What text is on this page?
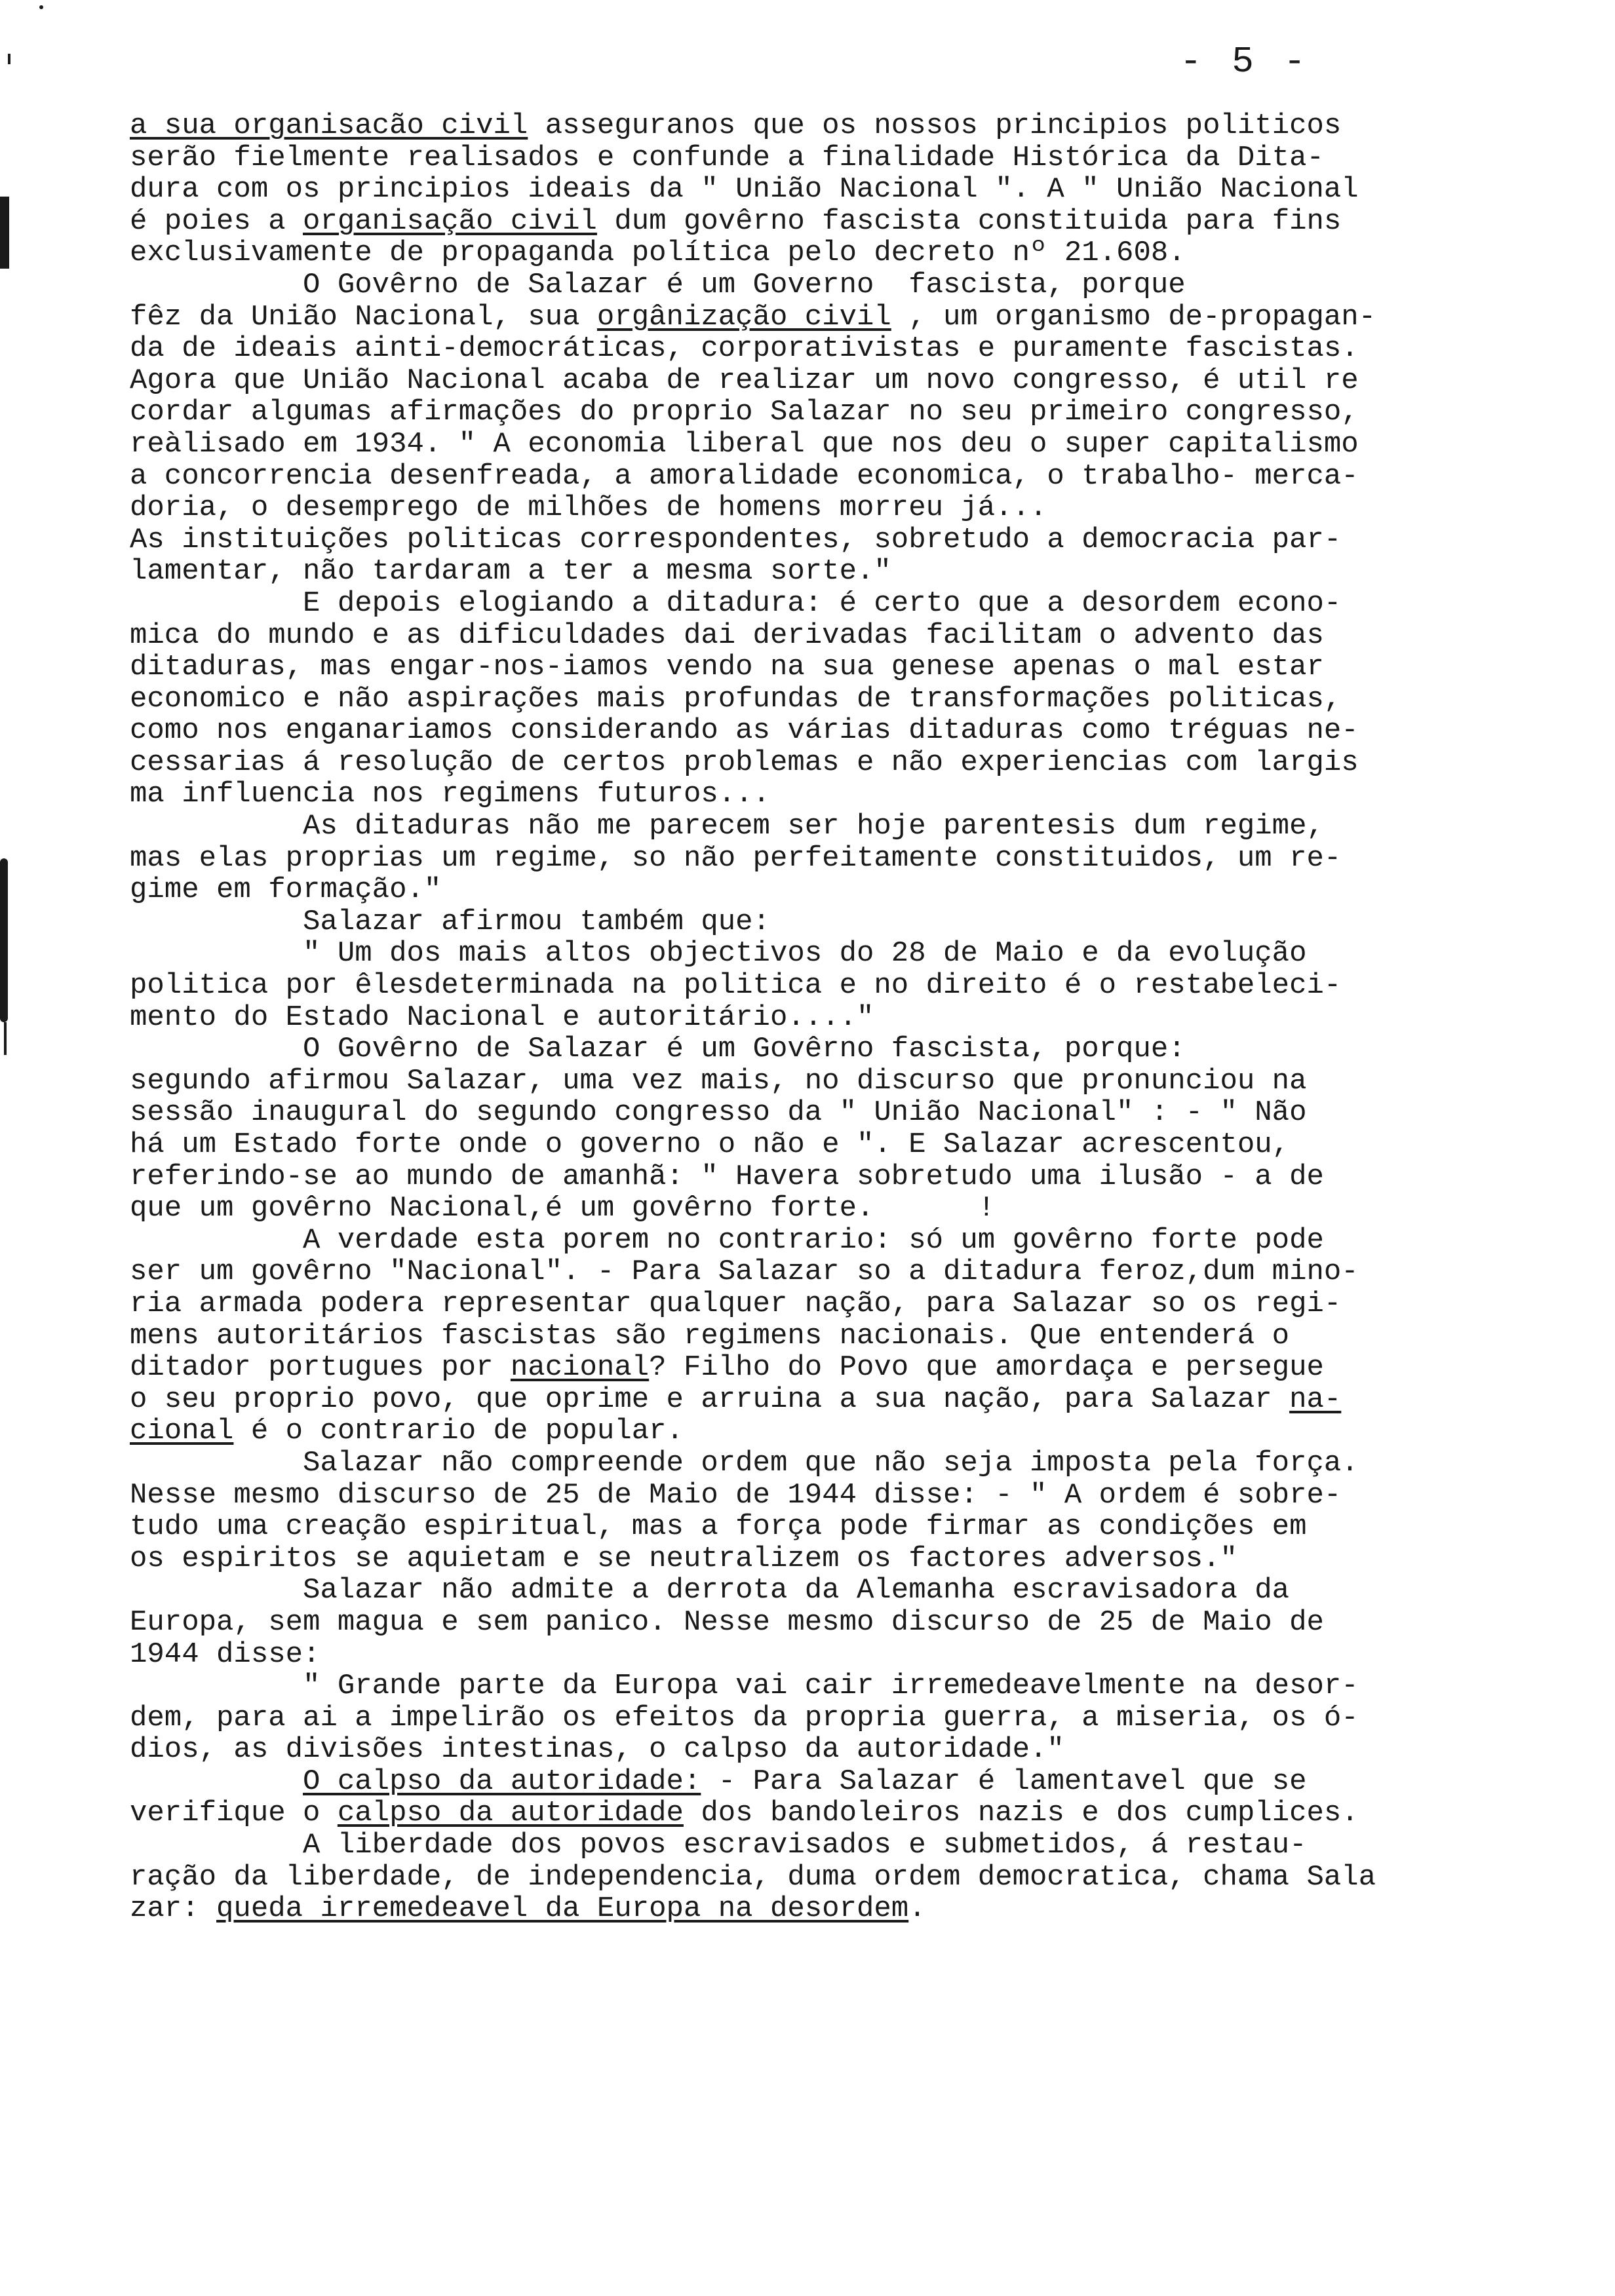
- 5 -
a sua organisacão civil asseguranos que os nossos principios politicos
serão fielmente realisados e confunde a finalidade Histórica da Dita-
dura com os principios ideais da " União Nacional ". A " União Nacional
é poies a organisação civil dum govêrno fascista constituida para fins
exclusivamente de propaganda política pelo decreto nº 21.608.
O Govêrno de Salazar é um Governo  fascista, porque
fêz da União Nacional, sua orgânização civil , um organismo de-propagan-
da de ideais ainti-democráticas, corporativistas e puramente fascistas.
Agora que União Nacional acaba de realizar um novo congresso, é util re
cordar algumas afirmações do proprio Salazar no seu primeiro congresso,
reàlisado em 1934. " A economia liberal que nos deu o super capitalismo
a concorrencia desenfreada, a amoralidade economica, o trabalho- merca-
doria, o desemprego de milhões de homens morreu já...
As instituições politicas correspondentes, sobretudo a democracia par-
lamentar, não tardaram a ter a mesma sorte."
E depois elogiando a ditadura: é certo que a desordem econo-
mica do mundo e as dificuldades dai derivadas facilitam o advento das
ditaduras, mas engar-nos-iamos vendo na sua genese apenas o mal estar
economico e não aspirações mais profundas de transformações politicas,
como nos enganariamos considerando as várias ditaduras como tréguas ne-
cessarias á resolução de certos problemas e não experiencias com largis
ma influencia nos regimens futuros...
As ditaduras não me parecem ser hoje parentesis dum regime,
mas elas proprias um regime, so não perfeitamente constituidos, um re-
gime em formação."
Salazar afirmou também que:
" Um dos mais altos objectivos do 28 de Maio e da evolução
politica por êlesdeterminada na politica e no direito é o restabeleci-
mento do Estado Nacional e autoritário...."
O Govêrno de Salazar é um Govêrno fascista, porque:
segundo afirmou Salazar, uma vez mais, no discurso que pronunciou na
sessão inaugural do segundo congresso da " União Nacional" : - " Não
há um Estado forte onde o governo o não e ". E Salazar acrescentou,
referindo-se ao mundo de amanhã: " Havera sobretudo uma ilusão - a de
que um govêrno Nacional,é um govêrno forte.      !
A verdade esta porem no contrario: só um govêrno forte pode
ser um govêrno "Nacional". - Para Salazar so a ditadura feroz,dum mino-
ria armada podera representar qualquer nação, para Salazar so os regi-
mens autoritários fascistas são regimens nacionais. Que entenderá o
ditador portugues por nacional? Filho do Povo que amordaça e persegue
o seu proprio povo, que oprime e arruina a sua nação, para Salazar na-
cional é o contrario de popular.
Salazar não compreende ordem que não seja imposta pela força.
Nesse mesmo discurso de 25 de Maio de 1944 disse: - " A ordem é sobre-
tudo uma creação espiritual, mas a força pode firmar as condições em
os espiritos se aquietam e se neutralizem os factores adversos."
Salazar não admite a derrota da Alemanha escravisadora da
Europa, sem magua e sem panico. Nesse mesmo discurso de 25 de Maio de
1944 disse:
" Grande parte da Europa vai cair irremedeavelmente na desor-
dem, para ai a impelirão os efeitos da propria guerra, a miseria, os ó-
dios, as divisões intestinas, o calpso da autoridade."
O calpso da autoridade: - Para Salazar é lamentavel que se
verifique o calpso da autoridade dos bandoleiros nazis e dos cumplices.
A liberdade dos povos escravisados e submetidos, á restau-
ração da liberdade, de independencia, duma ordem democratica, chama Sala
zar: queda irremedeavel da Europa na desordem.
